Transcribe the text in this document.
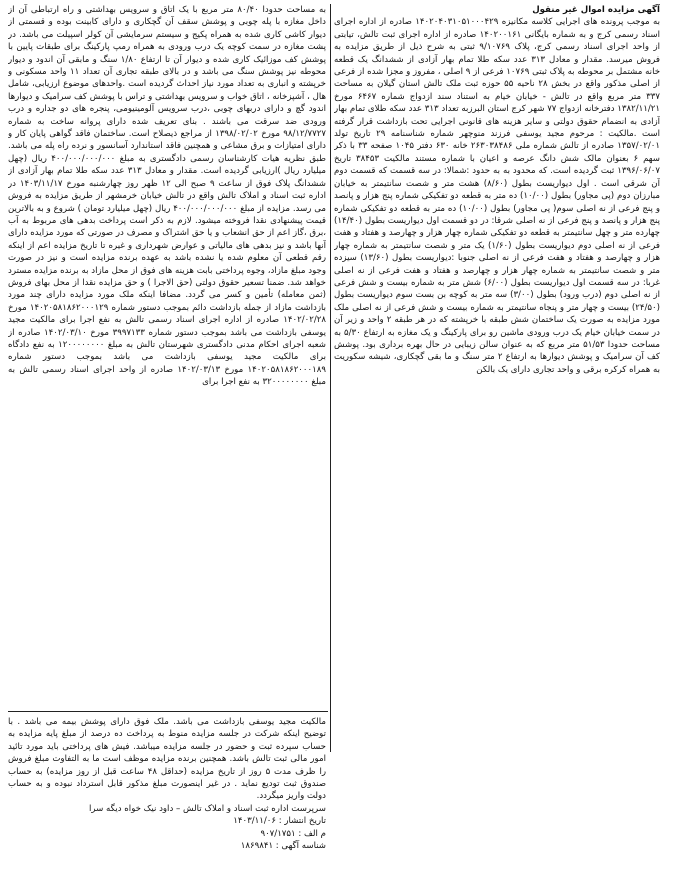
آگهی مزایده اموال غیر منقول

به موجب پرونده های اجرایی کلاسه مکانیزه ۱۴۰۲۰۴۰۳۱۰۵۱۰۰۰۴۲۹ صادره از اداره اجرای اسناد رسمی کرج و به شماره بایگانی ۱۴۰۲۰۰۱۶۱ صادره از اداره اجرای ثبت تالش، تیابتی از واحد اجرای اسناد رسمی کرج، پلاک ۹/۱۰۷۶۹ ثبتی به شرح ذیل از طریق مزایده به فروش میرسد. مقدار و معادل ۳۱۳ عدد سکه طلا تمام بهار آزادی از ششدانگ یک قطعه خانه مشتمل بر محوطه به پلاک ثبتی ۱۰۷۶۹ فرعی از ۹ اصلی ، مفروز و مجزا شده از فرعی از اصلی مذکور واقع در بخش ۲۸ ناحیه ۵۵ حوزه ثبت ملک تالش استان گیلان به مساحت ۳۳۷ متر مربع واقع در تالش - خیابان خیام به استناد سند ازدواج شماره ۶۴۶۷ مورخ ۱۳۸۲/۱۱/۲۱ دفترخانه ازدواج ۷۷ شهر کرج استان البرزبه تعداد ۳۱۳ عدد سکه طلای تمام بهار آزادی به انضمام حقوق دولتی و سایر هزینه های قانونی اجرایی تحت بازداشت قرار گرفته است .مالکیت : مرحوم مجید یوسفی فرزند منوچهر شماره شناسنامه ۲۹ تاریخ تولد ۱۳۵۷/۰۲/۰۱ صادره از تالش شماره ملی ۲۶۳۰۳۸۴۸۶ خانه ۶۳۰ دفتر ۱۰۴۵ صفحه ۳۳ با ذکر سهم ۶ بعنوان مالک شش دانگ عرصه و اعیان با شماره مستند مالکیت ۳۸۴۵۳ تاریخ ۱۳۹۶/۰۶/۰۷ ثبت گردیده است. که محدود به به حدود :شمالا: در سه قسمت که قسمت دوم آن شرقی است . اول دیواریست بطول (۸/۶۰) هشت متر و شصت سانتیمتر به خیابان مبارزان دوم (پی مجاور) بطول (۱۰/۰۰) ده متر به قطعه دو تفکیکی شماره پنج هزار و پانصد و پنج فرعی از نه اصلی سوم( پی مجاور) بطول (۱۰/۰۰) ده متر به قطعه دو تفکیکی شماره پنج هزار و پانصد و پنج فرعی از نه اصلی شرقا: در دو قسمت اول دیواریست بطول (۱۴/۴۰) چهارده متر و چهل سانتیمتر به قطعه دو تفکیکی شماره چهار هزار و چهارصد و هفتاد و هفت فرعی از نه اصلی دوم دیواریست بطول (۱/۶۰) یک متر و شصت سانتیمتر به شماره چهار هزار و چهارصد و هفتاد و هفت فرعی از نه اصلی جنوبا :دیواریست بطول (۱۳/۶۰) سیزده متر و شصت سانتیمتر به شماره چهار هزار و چهارصد و هفتاد و هفت فرعی از نه اصلی غربا: در سه قسمت اول دیواریست بطول (۶/۰۰) شش متر به شماره بیست و شش فرعی از نه اصلی دوم (درب ورود) بطول (۳/۰۰) سه متر به کوچه بن بست سوم دیواریست بطول (۲۴/۵۰) بیست و چهار متر و پنجاه سانتیمتر به شماره بیست و شش فرعی از نه اصلی ملک مورد مزایده به صورت یک ساختمان شش طبقه با خرپشته که در هر طبقه ۲ واحد و زیر آن در سمت خیابان خیام یک درب ورودی ماشین رو برای پارکینگ و یک مغازه به ارتفاع ۵/۳۰ به مساحت حدودا ۵۱/۵۳ متر مربع که به عنوان سالن زیبایی در حال بهره برداری بود. پوشش کف آن سرامیک و پوشش دیوارها به ارتفاع ۲ متر سنگ و ما بقی گچکاری، شیشه سکوریت به همراه کرکره برقی و واحد تجاری دارای یک بالکن

به مساحت حدودا ۸۰/۴۰ متر مربع با یک اتاق و سرویس بهداشتی و راه ارتباطی آن از داخل مغازه با پله چوبی و پوشش سقف آن گچکاری و دارای کابینت بوده و قسمتی از دیوار کاشی کاری شده به همراه پکیج و سیستم سرمایشی آن کولر اسپیلت می باشد. در پشت مغازه در سمت کوچه یک درب ورودی به همراه رمپ پارکینگ برای طبقات پایین با پوشش کف موزائیک کاری شده و دیوار آن تا ارتفاع ۱/۸۰ سنگ و مابقی آن اندود و دیوار محوطه نیز پوشش سنگ می باشد و در بالای طبقه تجاری آن تعداد ۱۱ واحد مسکونی و خرپشته و انباری به تعداد مورد نیاز احداث گردیده است .واحدهای موضوع ارزیابی، شامل هال ، آشپزخانه ، اتاق خواب و سرویس بهداشتی و تراس با پوشش کف سرامیک و دیوارها اندود گچ و دارای دربهای چوبی ،درب سرویس آلومینیومی، پنجره های دو جداره و درب ورودی ضد سرقت می باشند . بنای تعریف شده دارای پروانه ساخت به شماره ۹۸/۱۲/۷۷۲۷ مورخ ۱۳۹۸/۰۲/۰۲ از مراجع ذیصلاح است. ساختمان فاقد گواهی پایان کار و دارای امتیازات و برق مشاعی و همچنین فاقد استاندارد آسانسور و نرده راه پله می باشد. طبق نظریه هیات کارشناسان رسمی دادگستری به مبلغ ۴۰۰/۰۰۰/۰۰۰/۰۰۰ ریال (چهل میلیارد ریال )ارزیابی گردیده است. مقدار و معادل ۳۱۳ عدد سکه طلا تمام بهار آزادی از ششدانگ پلاک فوق از ساعت ۹ صبح الی ۱۲ ظهر روز چهارشنبه مورخ ۱۴۰۳/۱۱/۱۷ در اداره ثبت اسناد و املاک تالش واقع در تالش خیابان خرمشهر از طریق مزایده به فروش می رسد. مزایده از مبلغ ۴۰۰/۰۰۰/۰۰۰/۰۰۰ ریال (چهل میلیارد تومان ) شروع و به بالاترین قیمت پیشنهادی نقدا فروخته میشود. لازم به ذکر است پرداخت بدهی های مربوط به آب ،برق ،گاز اعم از حق انشعاب و یا حق اشتراک و مصرف در صورتی که مورد مزایده دارای آنها باشد و نیز بدهی های مالیاتی و عوارض شهرداری و غیره تا تاریخ مزایده اعم از اینکه رقم قطعی آن معلوم شده یا نشده باشد به عهده برنده مزایده است و نیز در صورت وجود مبلغ مازاد، وجوه پرداختی بابت هزینه های فوق از محل مازاد به برنده مزایده مسترد خواهد شد. ضمنا تسعیر حقوق دولتی (حق الاجرا ) و حق مزایده نقدا از محل بهای فروش (ثمن معامله) تأمین و کسر می گردد. مضافا اینکه ملک مورد مزایده دارای چند مورد بازداشت مازاد از جمله بازداشت دائم بموجب دستور شماره ۱۴۰۲۰۵۸۱۸۶۲۰۰۰۱۲۹ مورخ ۱۴۰۲/۰۲/۲۸ صادره از اداره اجرای اسناد رسمی تالش به نفع اجرا برای مالکیت مجید یوسفی بازداشت می باشد بموجب دستور شماره ۳۹۹۷۱۳۳ مورخ ۱۴۰۲/۰۳/۱۰ صادره از شعبه اجرای احکام مدنی دادگستری شهرستان تالش به مبلغ ۱۲۰۰۰۰۰۰۰۰ به نفع دادگاه برای مالکیت مجید یوسفی بازداشت می باشد بموجب دستور شماره ۱۴۰۲۰۵۸۱۸۶۲۰۰۰۱۸۹ مورخ ۱۴۰۲/۰۳/۱۳ صادره از واحد اجرای اسناد رسمی تالش به مبلغ ۳۲۰۰۰۰۰۰۰۰ به نفع اجرا برای

مالکیت مجید یوسفی بازداشت می باشد. ملک فوق دارای پوشش بیمه می باشد . با توضیح اینکه شرکت در جلسه مزایده منوط به پرداخت ده درصد از مبلغ پایه مزایده به حساب سپرده ثبت و حضور در جلسه مزایده میباشد. فیش های پرداختی باید مورد تائید امور مالی ثبت تالش باشد. همچنین برنده مزایده موظف است ما به التفاوت مبلغ فروش را ظرف مدت ۵ روز از تاریخ مزایده (حداقل ۴۸ ساعت قبل از روز مزایده) به حساب صندوق ثبت تودیع نماید . در غیر اینصورت مبلغ مذکور قابل استرداد نبوده و به حساب دولت واریز میگردد.

سرپرست اداره ثبت اسناد و املاک تالش – داود نیک خواه دیگه سرا

تاریخ انتشار : ۱۴۰۳/۱۱/۰۶

م الف : ۹۰۷/۱۷۵۱

شناسه آگهی : ۱۸۶۹۸۴۱
